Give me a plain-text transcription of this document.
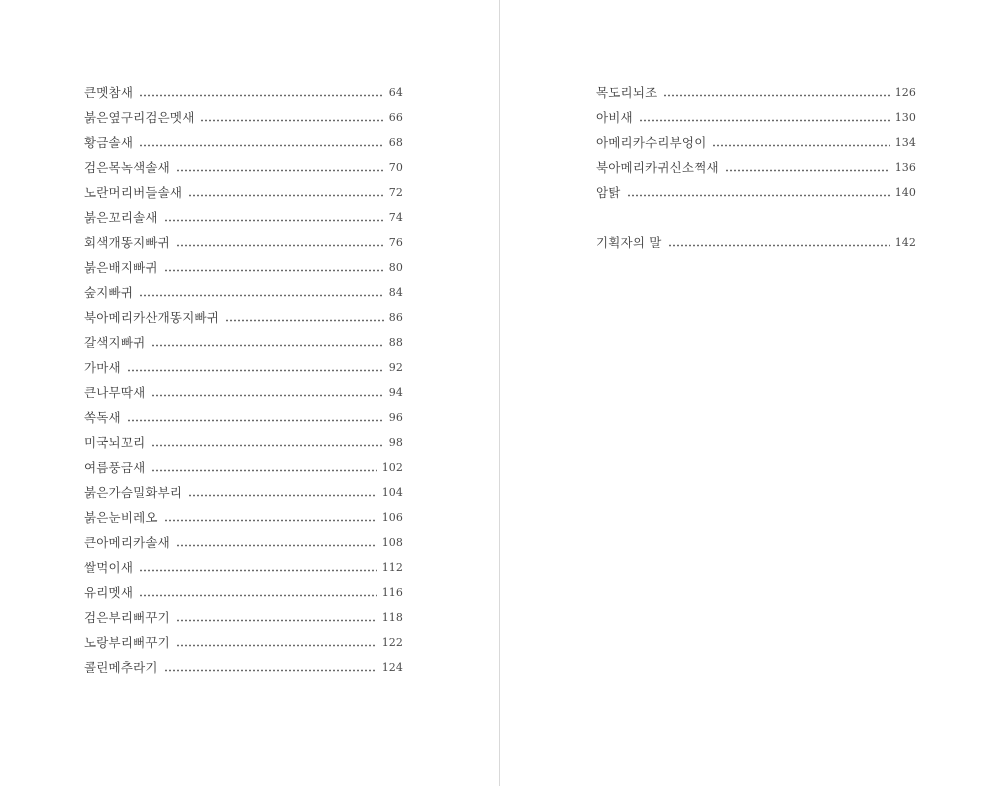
큰멧참새	64
붉은옆구리검은멧새	66
황금솔새	68
검은목녹색솔새	70
노란머리버들솔새	72
붉은꼬리솔새	74
회색개똥지빠귀	76
붉은배지빠귀	80
숲지빠귀	84
북아메리카산개똥지빠귀	86
갈색지빠귀	88
가마새	92
큰나무딱새	94
쏙독새	96
미국뇌꼬리	98
여름풍금새	102
붉은가슴밀화부리	104
붉은눈비레오	106
큰아메리카솔새	108
쌀먹이새	112
유리멧새	116
검은부리뻐꾸기	118
노랑부리뻐꾸기	122
콜린메추라기	124
목도리뇌조	126
아비새	130
아메리카수리부엉이	134
북아메리카귀신소쩍새	136
암탉	140
기획자의 말	142
